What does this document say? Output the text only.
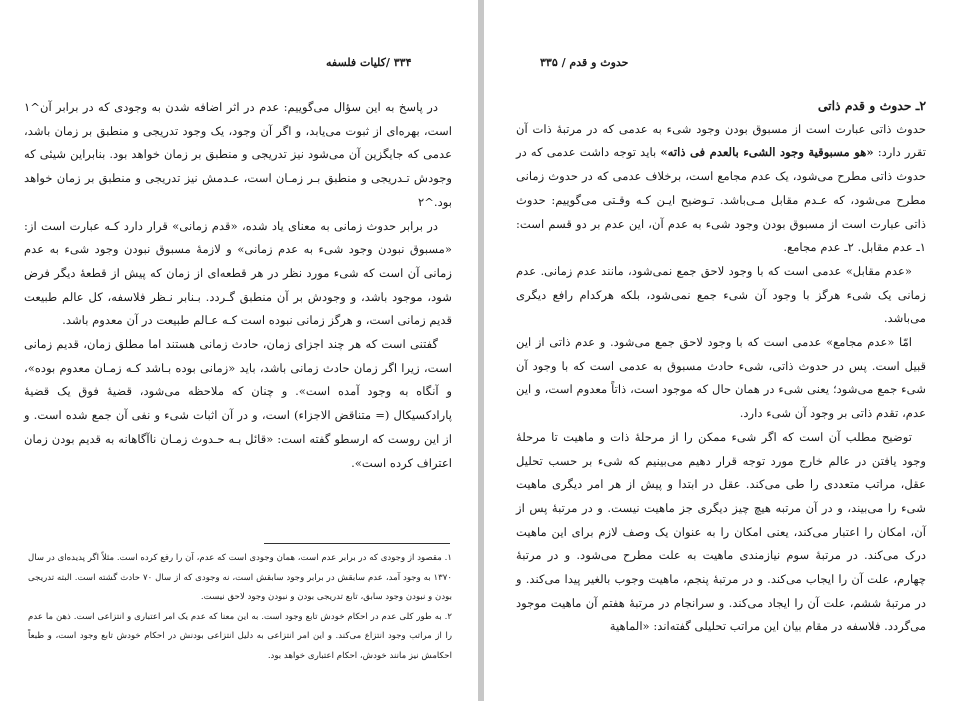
۳۳۴ /کلیات فلسفه

در پاسخ به این سؤال می‌گوییم: عدم در اثر اضافه شدن به وجودی که در برابر آن^۱ است، بهره‌ای از ثبوت می‌یابد، و اگر آن وجود، یک وجود تدریجی و منطبق بر زمان باشد، عدمی که جایگزین آن می‌شود نیز تدریجی و منطبق بر زمان خواهد بود. بنابراین شیئی که وجودش تـدریجی و منطبق بـر زمـان است، عـدمش نیز تدریجی و منطبق بر زمان خواهد بود.^۲

در برابر حدوث زمانی به معنای یاد شده، «قدم زمانی» قرار دارد کـه عبارت است از: «مسبوق نبودن وجود شیء به عدم زمانی» و لازمهٔ مسبوق نبودن وجود شیء به عدم زمانی آن است که شیء مورد نظر در هر قطعه‌ای از زمان که پیش از قطعهٔ دیگر فرض شود، موجود باشد، و وجودش بر آن منطبق گـردد. بـنابر نـظر فلاسفه، کل عالم طبیعت قدیم زمانی است، و هرگز زمانی نبوده است کـه عـالم طبیعت در آن معدوم باشد.

گفتنی است که هر چند اجزای زمان، حادث زمانی هستند اما مطلق زمان، قدیم زمانی است، زیرا اگر زمان حادث زمانی باشد، باید «زمانی بوده بـاشد کـه زمـان معدوم بوده»، و آنگاه به وجود آمده است». و چنان که ملاحظه می‌شود، قضیهٔ فوق یک قضیهٔ پارادکسیکال (= متناقض الاجزاء) است، و در آن اثبات شیء و نفی آن جمع شده است. و از این روست که ارسطو گفته است: «قائل بـه حـدوث زمـان ناآگاهانه به قدیم بودن زمان اعتراف کرده است».

۱. مقصود از وجودی که در برابر عدم است، همان وجودی است که عدم، آن را رفع کرده است. مثلاً اگر پدیده‌ای در سال ۱۳۷۰ به وجود آمد، عدم سابقش در برابر وجود سابقش است، نه وجودی که از سال ۷۰ حادث گشته است. البته تدریجی بودن و نبودن وجود سابق، تابع تدریجی بودن و نبودن وجود لاحق نیست.

۲. به طور کلی عدم در احکام خودش تابع وجود است. به این معنا که عدم یک امر اعتباری و انتزاعی است. ذهن ما عدم را از مراتب وجود انتزاع می‌کند. و این امر انتزاعی به دلیل انتزاعی بودنش در احکام خودش تابع وجود است، و طبعاً احکامش نیز مانند خودش، احکام اعتباری خواهد بود.

حدوث و قدم / ۳۳۵

۲ـ حدوث و قدم ذاتی

حدوث ذاتی عبارت است از مسبوق بودن وجود شیء به عدمی که در مرتبهٔ ذات آن تقرر دارد: «هو مسبوقیة وجود الشیء بالعدم فی ذاته» باید توجه داشت عدمی که در حدوث ذاتی مطرح می‌شود، یک عدم مجامع است، برخلاف عدمی که در حدوث زمانی مطرح می‌شود، که عـدم مقابل مـی‌باشد. تـوضیح ایـن کـه وقـتی می‌گوییم: حدوث ذاتی عبارت است از مسبوق بودن وجود شیء به عدم آن، این عدم بر دو قسم است: ۱ـ عدم مقابل. ۲ـ عدم مجامع.

«عدم مقابل» عدمی است که با وجود لاحق جمع نمی‌شود، مانند عدم زمانی. عدم زمانی یک شیء هرگز با وجود آن شیء جمع نمی‌شود، بلکه هرکدام رافع دیگری می‌باشد.

امّا «عدم مجامع» عدمی است که با وجود لاحق جمع می‌شود. و عدم ذاتی از این قبیل است. پس در حدوث ذاتی، شیء حادث مسبوق به عدمی است که با وجود آن شیء جمع می‌شود؛ یعنی شیء در همان حال که موجود است، ذاتاً معدوم است، و این عدم، تقدم ذاتی بر وجود آن شیء دارد.

توضیح مطلب آن است که اگر شیء ممکن را از مرحلهٔ ذات و ماهیت تا مرحلهٔ وجود یافتن در عالم خارج مورد توجه قرار دهیم می‌بینیم که شیء بر حسب تحلیل عقل، مراتب متعددی را طی می‌کند. عقل در ابتدا و پیش از هر امر دیگری ماهیت شیء را می‌بیند، و در آن مرتبه هیچ چیز دیگری جز ماهیت نیست. و در مرتبهٔ پس از آن، امکان را اعتبار می‌کند، یعنی امکان را به عنوان یک وصف لازم برای این ماهیت درک می‌کند. در مرتبهٔ سوم نیازمندی ماهیت به علت مطرح می‌شود. و در مرتبهٔ چهارم، علت آن را ایجاب می‌کند. و در مرتبهٔ پنجم، ماهیت وجوب بالغیر پیدا می‌کند. و در مرتبهٔ ششم، علت آن را ایجاد می‌کند. و سرانجام در مرتبهٔ هفتم آن ماهیت موجود می‌گردد. فلاسفه در مقام بیان این مراتب تحلیلی گفته‌اند: «الماهیة
